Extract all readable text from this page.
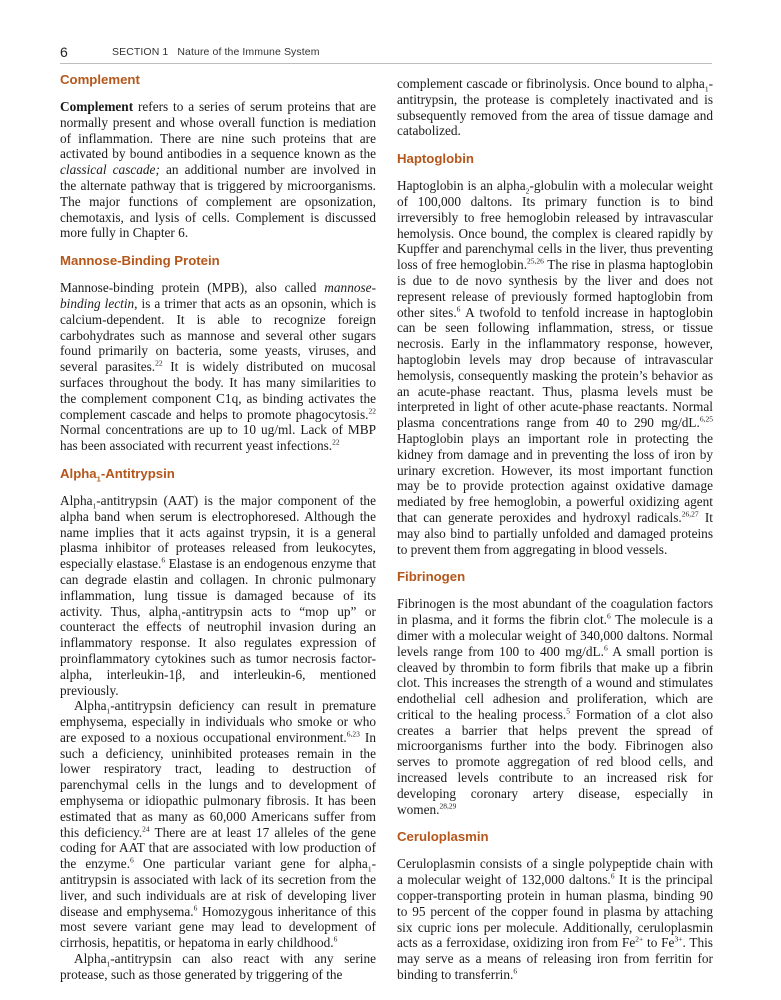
6	SECTION 1   Nature of the Immune System
Complement

Complement refers to a series of serum proteins that are normally present and whose overall function is mediation of inflammation. There are nine such proteins that are activated by bound antibodies in a sequence known as the classical cascade; an additional number are involved in the alternate pathway that is triggered by microorganisms. The major functions of complement are opsonization, chemotaxis, and lysis of cells. Complement is discussed more fully in Chapter 6.

Mannose-Binding Protein

Mannose-binding protein (MPB), also called mannose-binding lectin, is a trimer that acts as an opsonin, which is calcium-dependent. It is able to recognize foreign carbohydrates such as mannose and several other sugars found primarily on bacteria, some yeasts, viruses, and several parasites.$^{22}$ It is widely distributed on mucosal surfaces throughout the body. It has many similarities to the complement component C1q, as binding activates the complement cascade and helps to promote phagocytosis.$^{22}$ Normal concentrations are up to 10 ug/ml. Lack of MBP has been associated with recurrent yeast infections.$^{22}$

Alpha$_1$-Antitrypsin

Alpha$_1$-antitrypsin (AAT) is the major component of the alpha band when serum is electrophoresed. Although the name implies that it acts against trypsin, it is a general plasma inhibitor of proteases released from leukocytes, especially elastase.$^6$ Elastase is an endogenous enzyme that can degrade elastin and collagen. In chronic pulmonary inflammation, lung tissue is damaged because of its activity. Thus, alpha$_1$-antitrypsin acts to “mop up” or counteract the effects of neutrophil invasion during an inflammatory response. It also regulates expression of proinflammatory cytokines such as tumor necrosis factor-alpha, interleukin-1β, and interleukin-6, mentioned previously.

Alpha$_1$-antitrypsin deficiency can result in premature emphysema, especially in individuals who smoke or who are exposed to a noxious occupational environment.$^{6,23}$ In such a deficiency, uninhibited proteases remain in the lower respiratory tract, leading to destruction of parenchymal cells in the lungs and to development of emphysema or idiopathic pulmonary fibrosis. It has been estimated that as many as 60,000 Americans suffer from this deficiency.$^{24}$ There are at least 17 alleles of the gene coding for AAT that are associated with low production of the enzyme.$^6$ One particular variant gene for alpha$_1$-antitrypsin is associated with lack of its secretion from the liver, and such individuals are at risk of developing liver disease and emphysema.$^6$ Homozygous inheritance of this most severe variant gene may lead to development of cirrhosis, hepatitis, or hepatoma in early childhood.$^6$

Alpha$_1$-antitrypsin can also react with any serine protease, such as those generated by triggering of the

complement cascade or fibrinolysis. Once bound to alpha$_1$-antitrypsin, the protease is completely inactivated and is subsequently removed from the area of tissue damage and catabolized.

Haptoglobin

Haptoglobin is an alpha$_2$-globulin with a molecular weight of 100,000 daltons. Its primary function is to bind irreversibly to free hemoglobin released by intravascular hemolysis. Once bound, the complex is cleared rapidly by Kupffer and parenchymal cells in the liver, thus preventing loss of free hemoglobin.$^{25,26}$ The rise in plasma haptoglobin is due to de novo synthesis by the liver and does not represent release of previously formed haptoglobin from other sites.$^6$ A twofold to tenfold increase in haptoglobin can be seen following inflammation, stress, or tissue necrosis. Early in the inflammatory response, however, haptoglobin levels may drop because of intravascular hemolysis, consequently masking the protein’s behavior as an acute-phase reactant. Thus, plasma levels must be interpreted in light of other acute-phase reactants. Normal plasma concentrations range from 40 to 290 mg/dL.$^{6,25}$ Haptoglobin plays an important role in protecting the kidney from damage and in preventing the loss of iron by urinary excretion. However, its most important function may be to provide protection against oxidative damage mediated by free hemoglobin, a powerful oxidizing agent that can generate peroxides and hydroxyl radicals.$^{26,27}$ It may also bind to partially unfolded and damaged proteins to prevent them from aggregating in blood vessels.

Fibrinogen

Fibrinogen is the most abundant of the coagulation factors in plasma, and it forms the fibrin clot.$^6$ The molecule is a dimer with a molecular weight of 340,000 daltons. Normal levels range from 100 to 400 mg/dL.$^6$ A small portion is cleaved by thrombin to form fibrils that make up a fibrin clot. This increases the strength of a wound and stimulates endothelial cell adhesion and proliferation, which are critical to the healing process.$^5$ Formation of a clot also creates a barrier that helps prevent the spread of microorganisms further into the body. Fibrinogen also serves to promote aggregation of red blood cells, and increased levels contribute to an increased risk for developing coronary artery disease, especially in women.$^{28,29}$

Ceruloplasmin

Ceruloplasmin consists of a single polypeptide chain with a molecular weight of 132,000 daltons.$^6$ It is the principal copper-transporting protein in human plasma, binding 90 to 95 percent of the copper found in plasma by attaching six cupric ions per molecule. Additionally, ceruloplasmin acts as a ferroxidase, oxidizing iron from $Fe^{2+}$ to $Fe^{3+}$. This may serve as a means of releasing iron from ferritin for binding to transferrin.$^6$
